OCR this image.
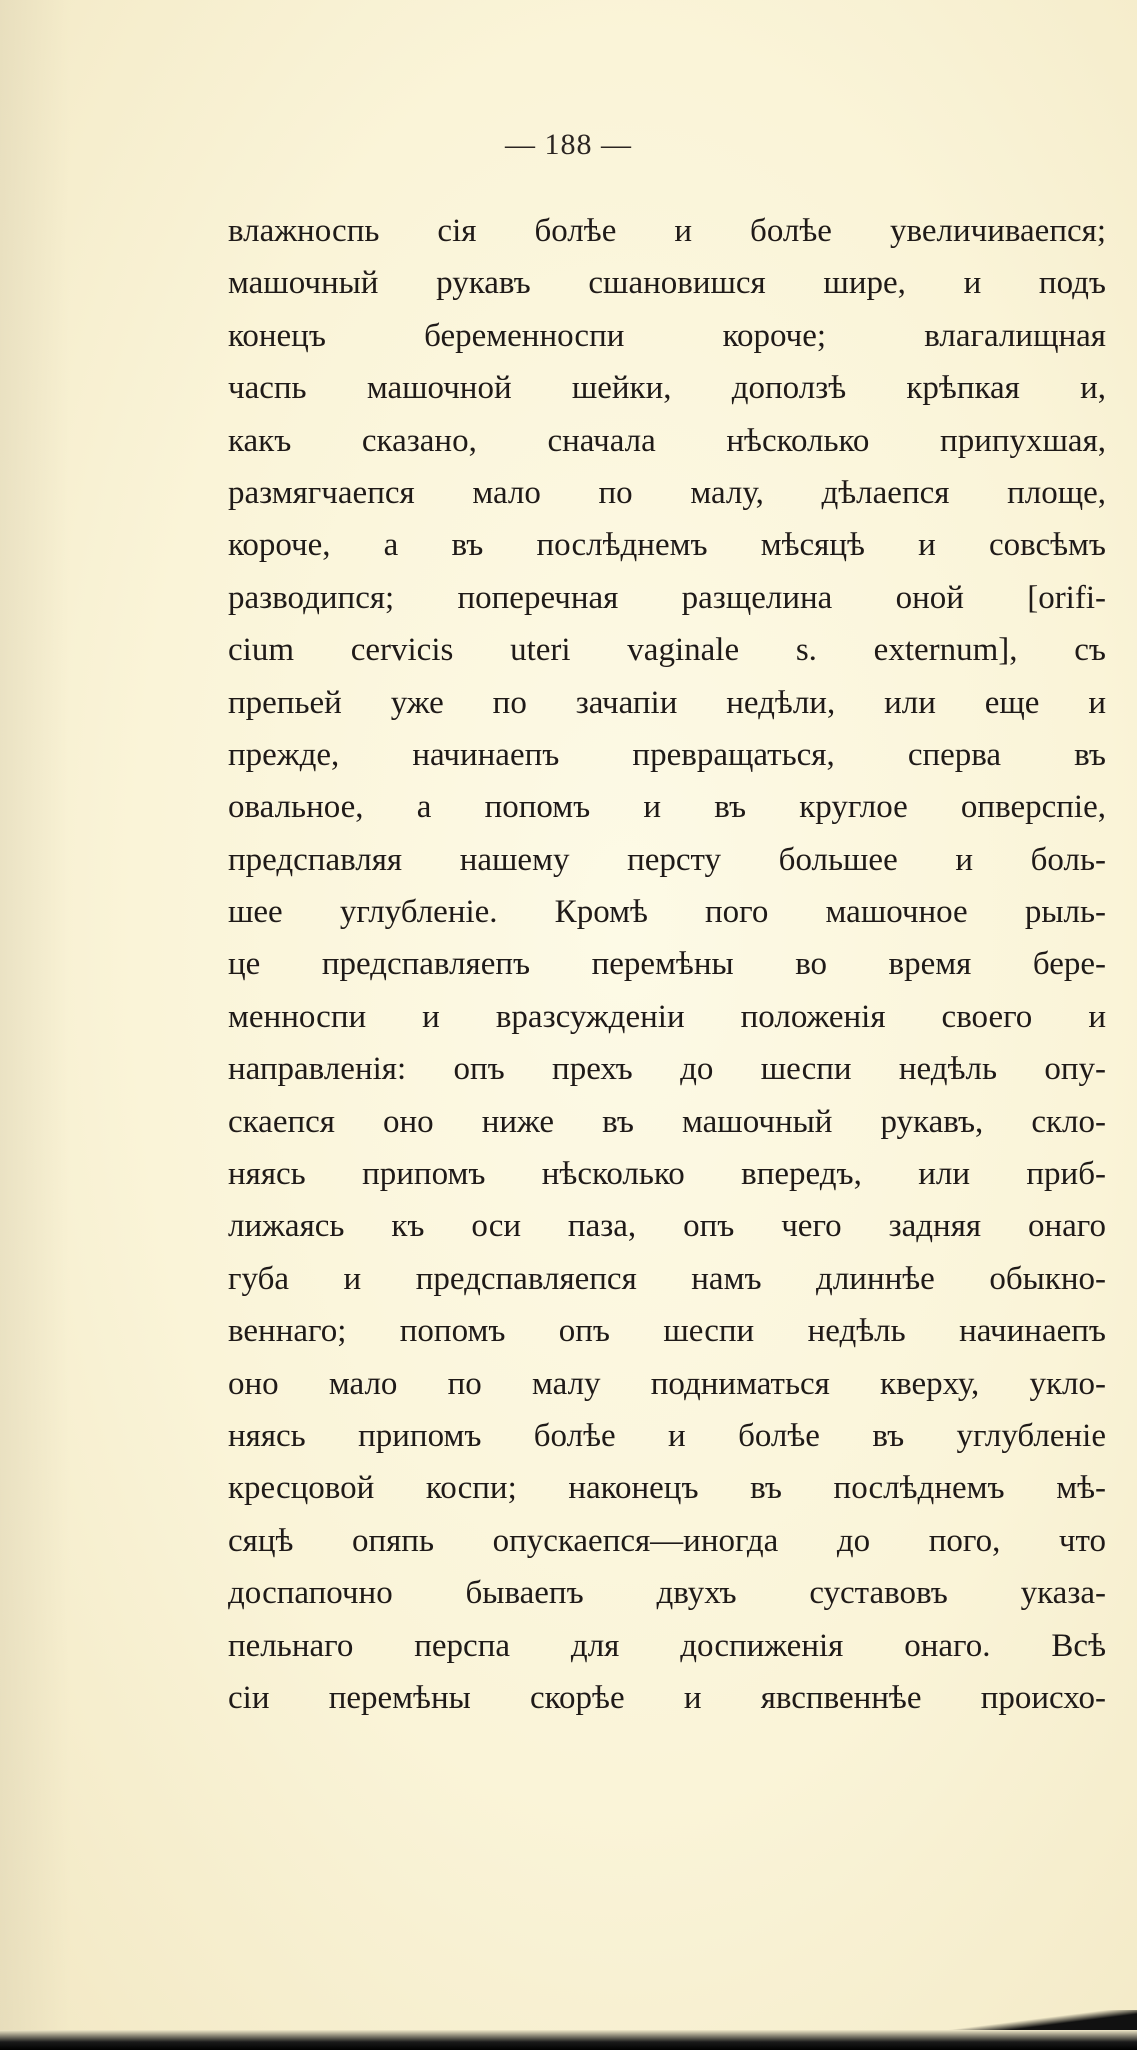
— 188 —
влажноспь сія болѣе и болѣе увеличиваепся;
машочный рукавъ сшановишся шире, и подъ
конецъ беременноспи короче; влагалищная
часпь машочной шейки, доползѣ крѣпкая и,
какъ сказано, сначала нѣсколько припухшая,
размягчаепся мало по малу, дѣлаепся площе,
короче, а въ послѣднемъ мѣсяцѣ и совсѣмъ
разводипся; поперечная разщелина оной [orifi-
cium cervicis uteri vaginale s. externum], съ
препьей уже по зачапіи недѣли, или еще и
прежде, начинаепъ превращаться, сперва въ
овальное, а попомъ и въ круглое опверспіе,
предспавляя нашему персту большее и боль-
шее углубленіе. Кромѣ пого машочное рыль-
це предспавляепъ перемѣны во время бере-
менноспи и вразсужденіи положенія своего и
направленія: опъ прехъ до шеспи недѣль опу-
скаепся оно ниже въ машочный рукавъ, скло-
няясь припомъ нѣсколько впередъ, или приб-
лижаясь къ оси паза, опъ чего задняя онаго
губа и предспавляепся намъ длиннѣе обыкно-
веннаго; попомъ опъ шеспи недѣль начинаепъ
оно мало по малу подниматься кверху, укло-
няясь припомъ болѣе и болѣе въ углубленіе
кресцовой коспи; наконецъ въ послѣднемъ мѣ-
сяцѣ опяпь опускаепся—иногда до пого, что
доспапочно бываепъ двухъ суставовъ указа-
пельнаго перспа для доспиженія онаго. Всѣ
сіи перемѣны скорѣе и явспвеннѣе происхо-
